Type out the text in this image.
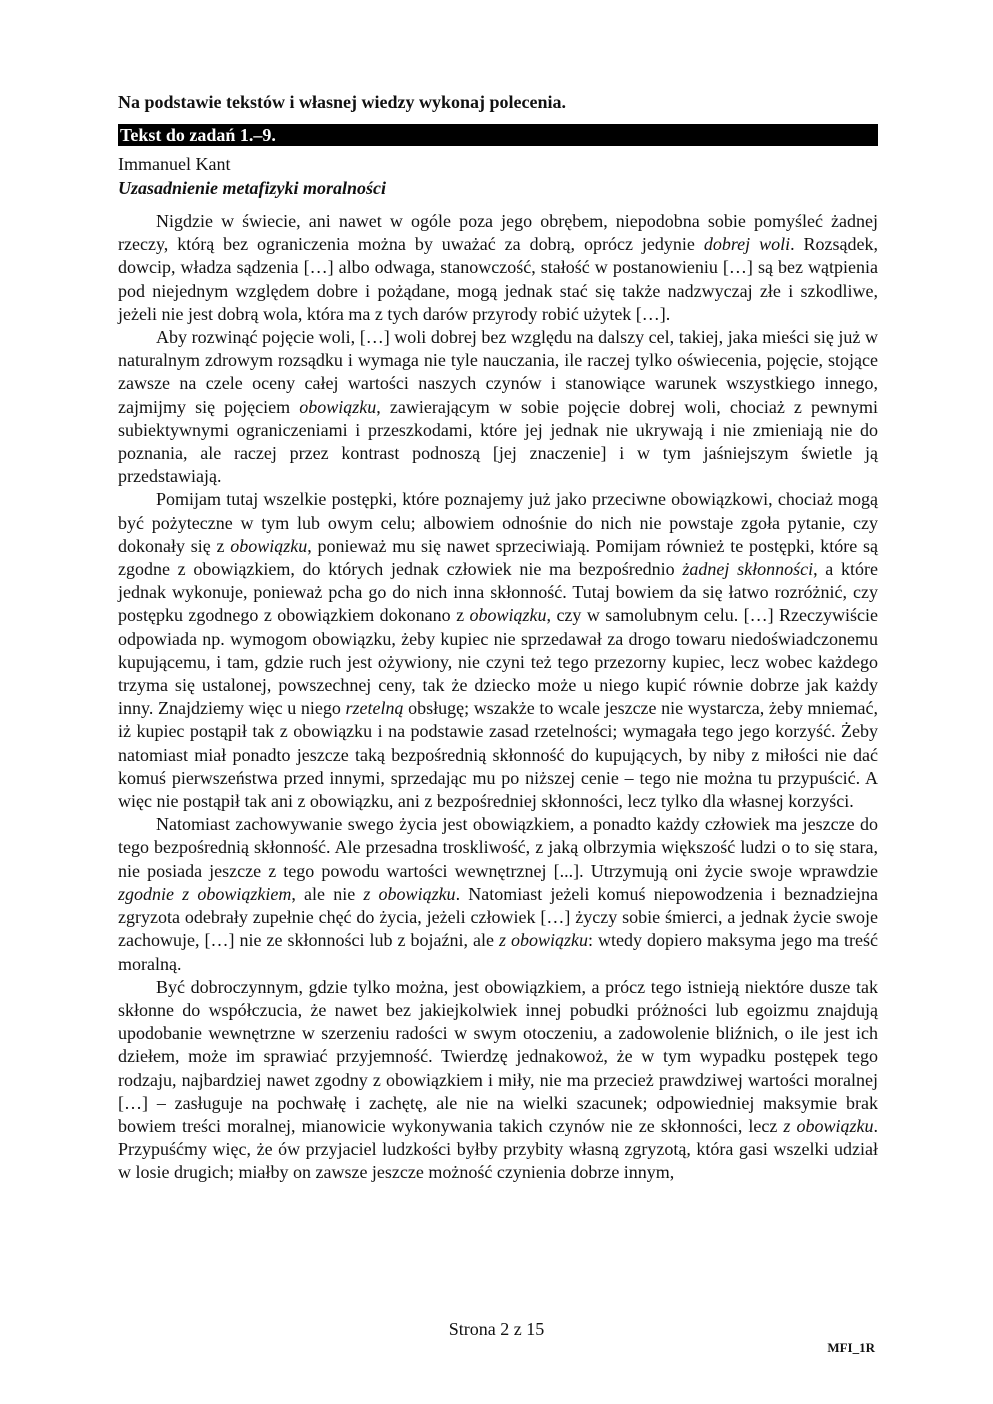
Na podstawie tekstów i własnej wiedzy wykonaj polecenia.
Tekst do zadań 1.–9.
Immanuel Kant
Uzasadnienie metafizyki moralności

Nigdzie w świecie, ani nawet w ogóle poza jego obrębem, niepodobna sobie pomyśleć żadnej rzeczy, którą bez ograniczenia można by uważać za dobrą, oprócz jedynie dobrej woli. Rozsądek, dowcip, władza sądzenia […] albo odwaga, stanowczość, stałość w postanowieniu […] są bez wątpienia pod niejednym względem dobre i pożądane, mogą jednak stać się także nadzwyczaj złe i szkodliwe, jeżeli nie jest dobrą wola, która ma z tych darów przyrody robić użytek […].

Aby rozwinąć pojęcie woli, […] woli dobrej bez względu na dalszy cel, takiej, jaka mieści się już w naturalnym zdrowym rozsądku i wymaga nie tyle nauczania, ile raczej tylko oświecenia, pojęcie, stojące zawsze na czele oceny całej wartości naszych czynów i stanowiące warunek wszystkiego innego, zajmijmy się pojęciem obowiązku, zawierającym w sobie pojęcie dobrej woli, chociaż z pewnymi subiektywnymi ograniczeniami i przeszkodami, które jej jednak nie ukrywają i nie zmieniają nie do poznania, ale raczej przez kontrast podnoszą [jej znaczenie] i w tym jaśniejszym świetle ją przedstawiają.

Pomijam tutaj wszelkie postępki, które poznajemy już jako przeciwne obowiązkowi, chociaż mogą być pożyteczne w tym lub owym celu; albowiem odnośnie do nich nie powstaje zgoła pytanie, czy dokonały się z obowiązku, ponieważ mu się nawet sprzeciwiają. Pomijam również te postępki, które są zgodne z obowiązkiem, do których jednak człowiek nie ma bezpośrednio żadnej skłonności, a które jednak wykonuje, ponieważ pcha go do nich inna skłonność. Tutaj bowiem da się łatwo rozróżnić, czy postępku zgodnego z obowiązkiem dokonano z obowiązku, czy w samolubnym celu. […] Rzeczywiście odpowiada np. wymogom obowiązku, żeby kupiec nie sprzedawał za drogo towaru niedoświadczonemu kupującemu, i tam, gdzie ruch jest ożywiony, nie czyni też tego przezorny kupiec, lecz wobec każdego trzyma się ustalonej, powszechnej ceny, tak że dziecko może u niego kupić równie dobrze jak każdy inny. Znajdziemy więc u niego rzetelną obsługę; wszakże to wcale jeszcze nie wystarcza, żeby mniemać, iż kupiec postąpił tak z obowiązku i na podstawie zasad rzetelności; wymagała tego jego korzyść. Żeby natomiast miał ponadto jeszcze taką bezpośrednią skłonność do kupujących, by niby z miłości nie dać komuś pierwszeństwa przed innymi, sprzedając mu po niższej cenie – tego nie można tu przypuścić. A więc nie postąpił tak ani z obowiązku, ani z bezpośredniej skłonności, lecz tylko dla własnej korzyści.

Natomiast zachowywanie swego życia jest obowiązkiem, a ponadto każdy człowiek ma jeszcze do tego bezpośrednią skłonność. Ale przesadna troskliwość, z jaką olbrzymia większość ludzi o to się stara, nie posiada jeszcze z tego powodu wartości wewnętrznej [...]. Utrzymują oni życie swoje wprawdzie zgodnie z obowiązkiem, ale nie z obowiązku. Natomiast jeżeli komuś niepowodzenia i beznadziejna zgryzota odebrały zupełnie chęć do życia, jeżeli człowiek […] życzy sobie śmierci, a jednak życie swoje zachowuje, […] nie ze skłonności lub z bojaźni, ale z obowiązku: wtedy dopiero maksyma jego ma treść moralną.

Być dobroczynnym, gdzie tylko można, jest obowiązkiem, a prócz tego istnieją niektóre dusze tak skłonne do współczucia, że nawet bez jakiejkolwiek innej pobudki próżności lub egoizmu znajdują upodobanie wewnętrzne w szerzeniu radości w swym otoczeniu, a zadowolenie bliźnich, o ile jest ich dziełem, może im sprawiać przyjemność. Twierdzę jednakowoż, że w tym wypadku postępek tego rodzaju, najbardziej nawet zgodny z obowiązkiem i miły, nie ma przecież prawdziwej wartości moralnej […] – zasługuje na pochwałę i zachętę, ale nie na wielki szacunek; odpowiedniej maksymie brak bowiem treści moralnej, mianowicie wykonywania takich czynów nie ze skłonności, lecz z obowiązku. Przypuśćmy więc, że ów przyjaciel ludzkości byłby przybity własną zgryzotą, która gasi wszelki udział w losie drugich; miałby on zawsze jeszcze możność czynienia dobrze innym,

Strona 2 z 15
MFI_1R
